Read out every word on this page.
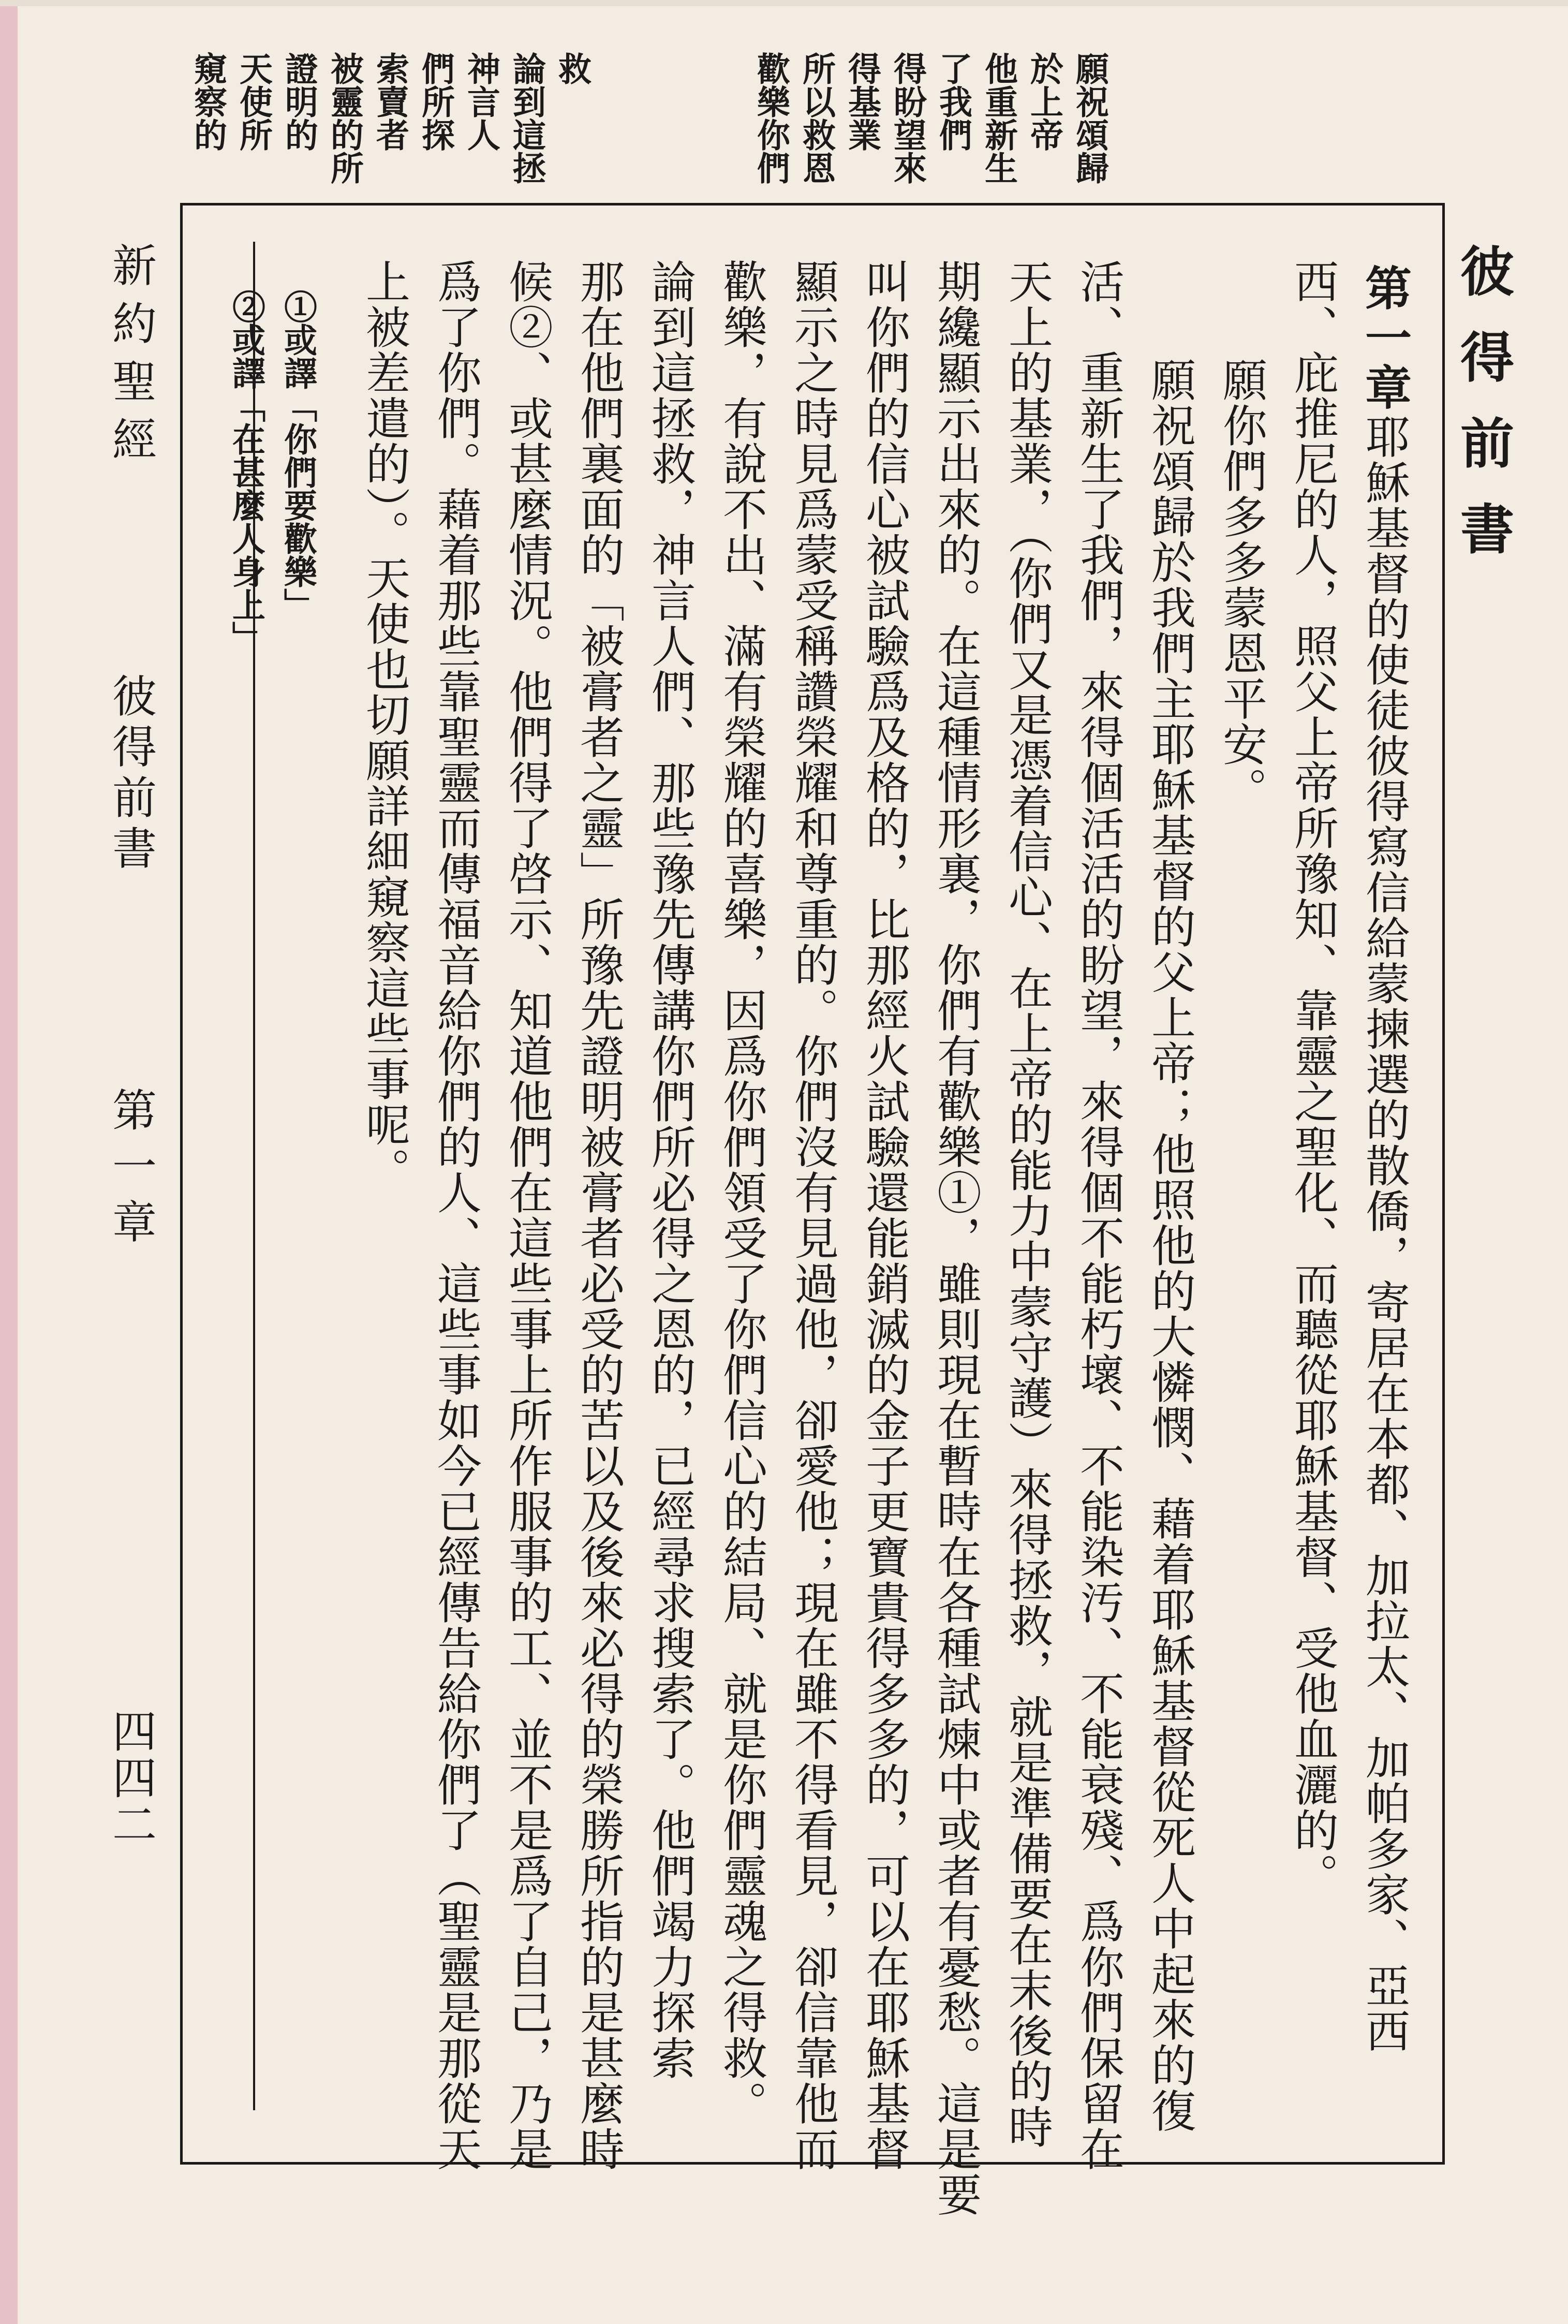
願祝頌歸
於上帝
他重新生
了我們
得盼望來
得基業
所以救恩
歡樂你們
救
論到這拯
神言人
們所探
索賣者
被靈的所
證明的
天使所
窺察的
新約聖經
彼得前書
第一章
四四二
彼得前書
第一章
耶穌基督的使徒彼得寫信給蒙揀選的散僑，寄居在本都、加拉太、加帕多家、亞西
西、庇推尼的人，照父上帝所豫知、靠靈之聖化、而聽從耶穌基督、受他血灑的。
願你們多多蒙恩平安。
願祝頌歸於我們主耶穌基督的父上帝；他照他的大憐憫、藉着耶穌基督從死人中起來的復
活、重新生了我們，來得個活活的盼望，來得個不能朽壞、不能染汚、不能衰殘、爲你們保留在
天上的基業，（你們又是憑着信心、在上帝的能力中蒙守護）來得拯救，就是準備要在末後的時
期纔顯示出來的。在這種情形裏，你們有歡樂①，雖則現在暫時在各種試煉中或者有憂愁。這是要
叫你們的信心被試驗爲及格的，比那經火試驗還能銷滅的金子更寶貴得多多的，可以在耶穌基督
顯示之時見爲蒙受稱讚榮耀和尊重的。你們沒有見過他，卻愛他；現在雖不得看見，卻信靠他而
歡樂，有說不出、滿有榮耀的喜樂，因爲你們領受了你們信心的結局、就是你們靈魂之得救。
論到這拯救，神言人們、那些豫先傳講你們所必得之恩的，已經尋求搜索了。他們竭力探索
那在他們裏面的「被膏者之靈」所豫先證明被膏者必受的苦以及後來必得的榮勝所指的是甚麼時
候②、或甚麼情況。他們得了啓示、知道他們在這些事上所作服事的工、並不是爲了自己，乃是
爲了你們。藉着那些靠聖靈而傳福音給你們的人、這些事如今已經傳告給你們了（聖靈是那從天
上被差遣的）。天使也切願詳細窺察這些事呢。
①或譯「你們要歡樂」
②或譯「在甚麼人身上」
